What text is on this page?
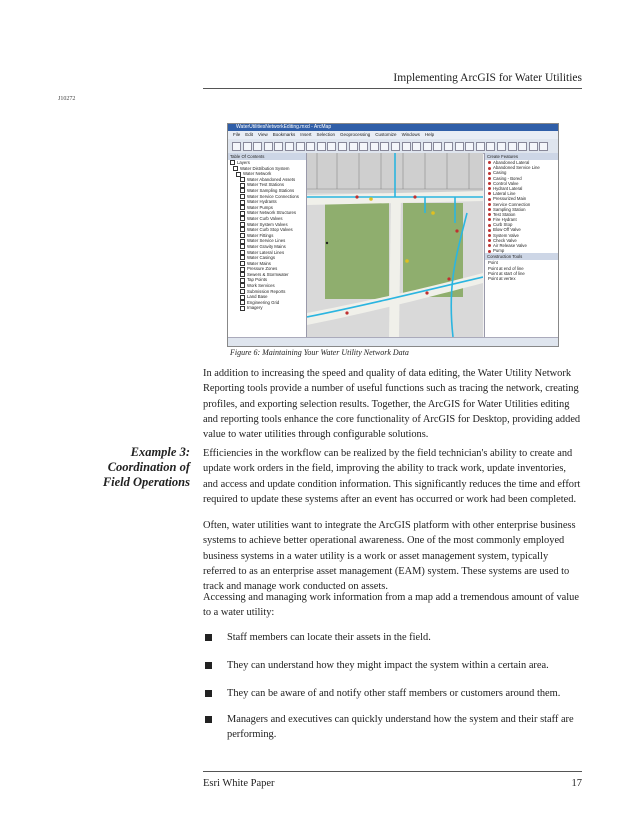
Implementing ArcGIS for Water Utilities
J10272
WaterUtilitiesNetworkEditing.mxd - ArcMap
File Edit View Bookmarks Insert Selection Geoprocessing Customize Windows Help
Table Of Contents
Layers
Water Distribution System
Water Network
Water Abandoned Assets
Water Test Stations
Water Sampling Stations
Water Service Connections
Water Hydrants
Water Pumps
Water Network Structures
Water Curb Valves
Water System Valves
Water Curb Stop Valves
Water Fittings
Water Service Lines
Water Gravity Mains
Water Lateral Lines
Water Casings
Water Mains
Pressure Zones
Sewers & Stormwater
Tap Points
Work Services
Submission Reports
Land Base
Engineering Grid
Imagery
Create Features
Abandoned Lateral
Abandoned Service Line
Casing
Casing - Bored
Control Valve
Hydrant Lateral
Lateral Line
Pressurized Main
Service Connection
Sampling Station
Test Station
Fire Hydrant
Curb Stop
Blow Off Valve
System Valve
Check Valve
Air Release Valve
Pump
Construction Tools
Point
Point at end of line
Point at start of line
Point at vertex
Figure 6: Maintaining Your Water Utility Network Data

In addition to increasing the speed and quality of data editing, the Water Utility Network Reporting tools provide a number of useful functions such as tracing the network, creating profiles, and exporting selection results. Together, the ArcGIS for Water Utilities editing and reporting tools enhance the core functionality of ArcGIS for Desktop, providing added value to water utilities through configurable solutions.

Example 3:
Coordination of
Field Operations

Efficiencies in the workflow can be realized by the field technician's ability to create and update work orders in the field, improving the ability to track work, update inventories, and access and update condition information. This significantly reduces the time and effort required to update these systems after an event has occurred or work had been completed.

Often, water utilities want to integrate the ArcGIS platform with other enterprise business systems to achieve better operational awareness. One of the most commonly employed business systems in a water utility is a work or asset management system, typically referred to as an enterprise asset management (EAM) system. These systems are used to track and manage work conducted on assets.

Accessing and managing work information from a map add a tremendous amount of value to a water utility:

Staff members can locate their assets in the field.
They can understand how they might impact the system within a certain area.
They can be aware of and notify other staff members or customers around them.
Managers and executives can quickly understand how the system and their staff are performing.
Esri White Paper	17
